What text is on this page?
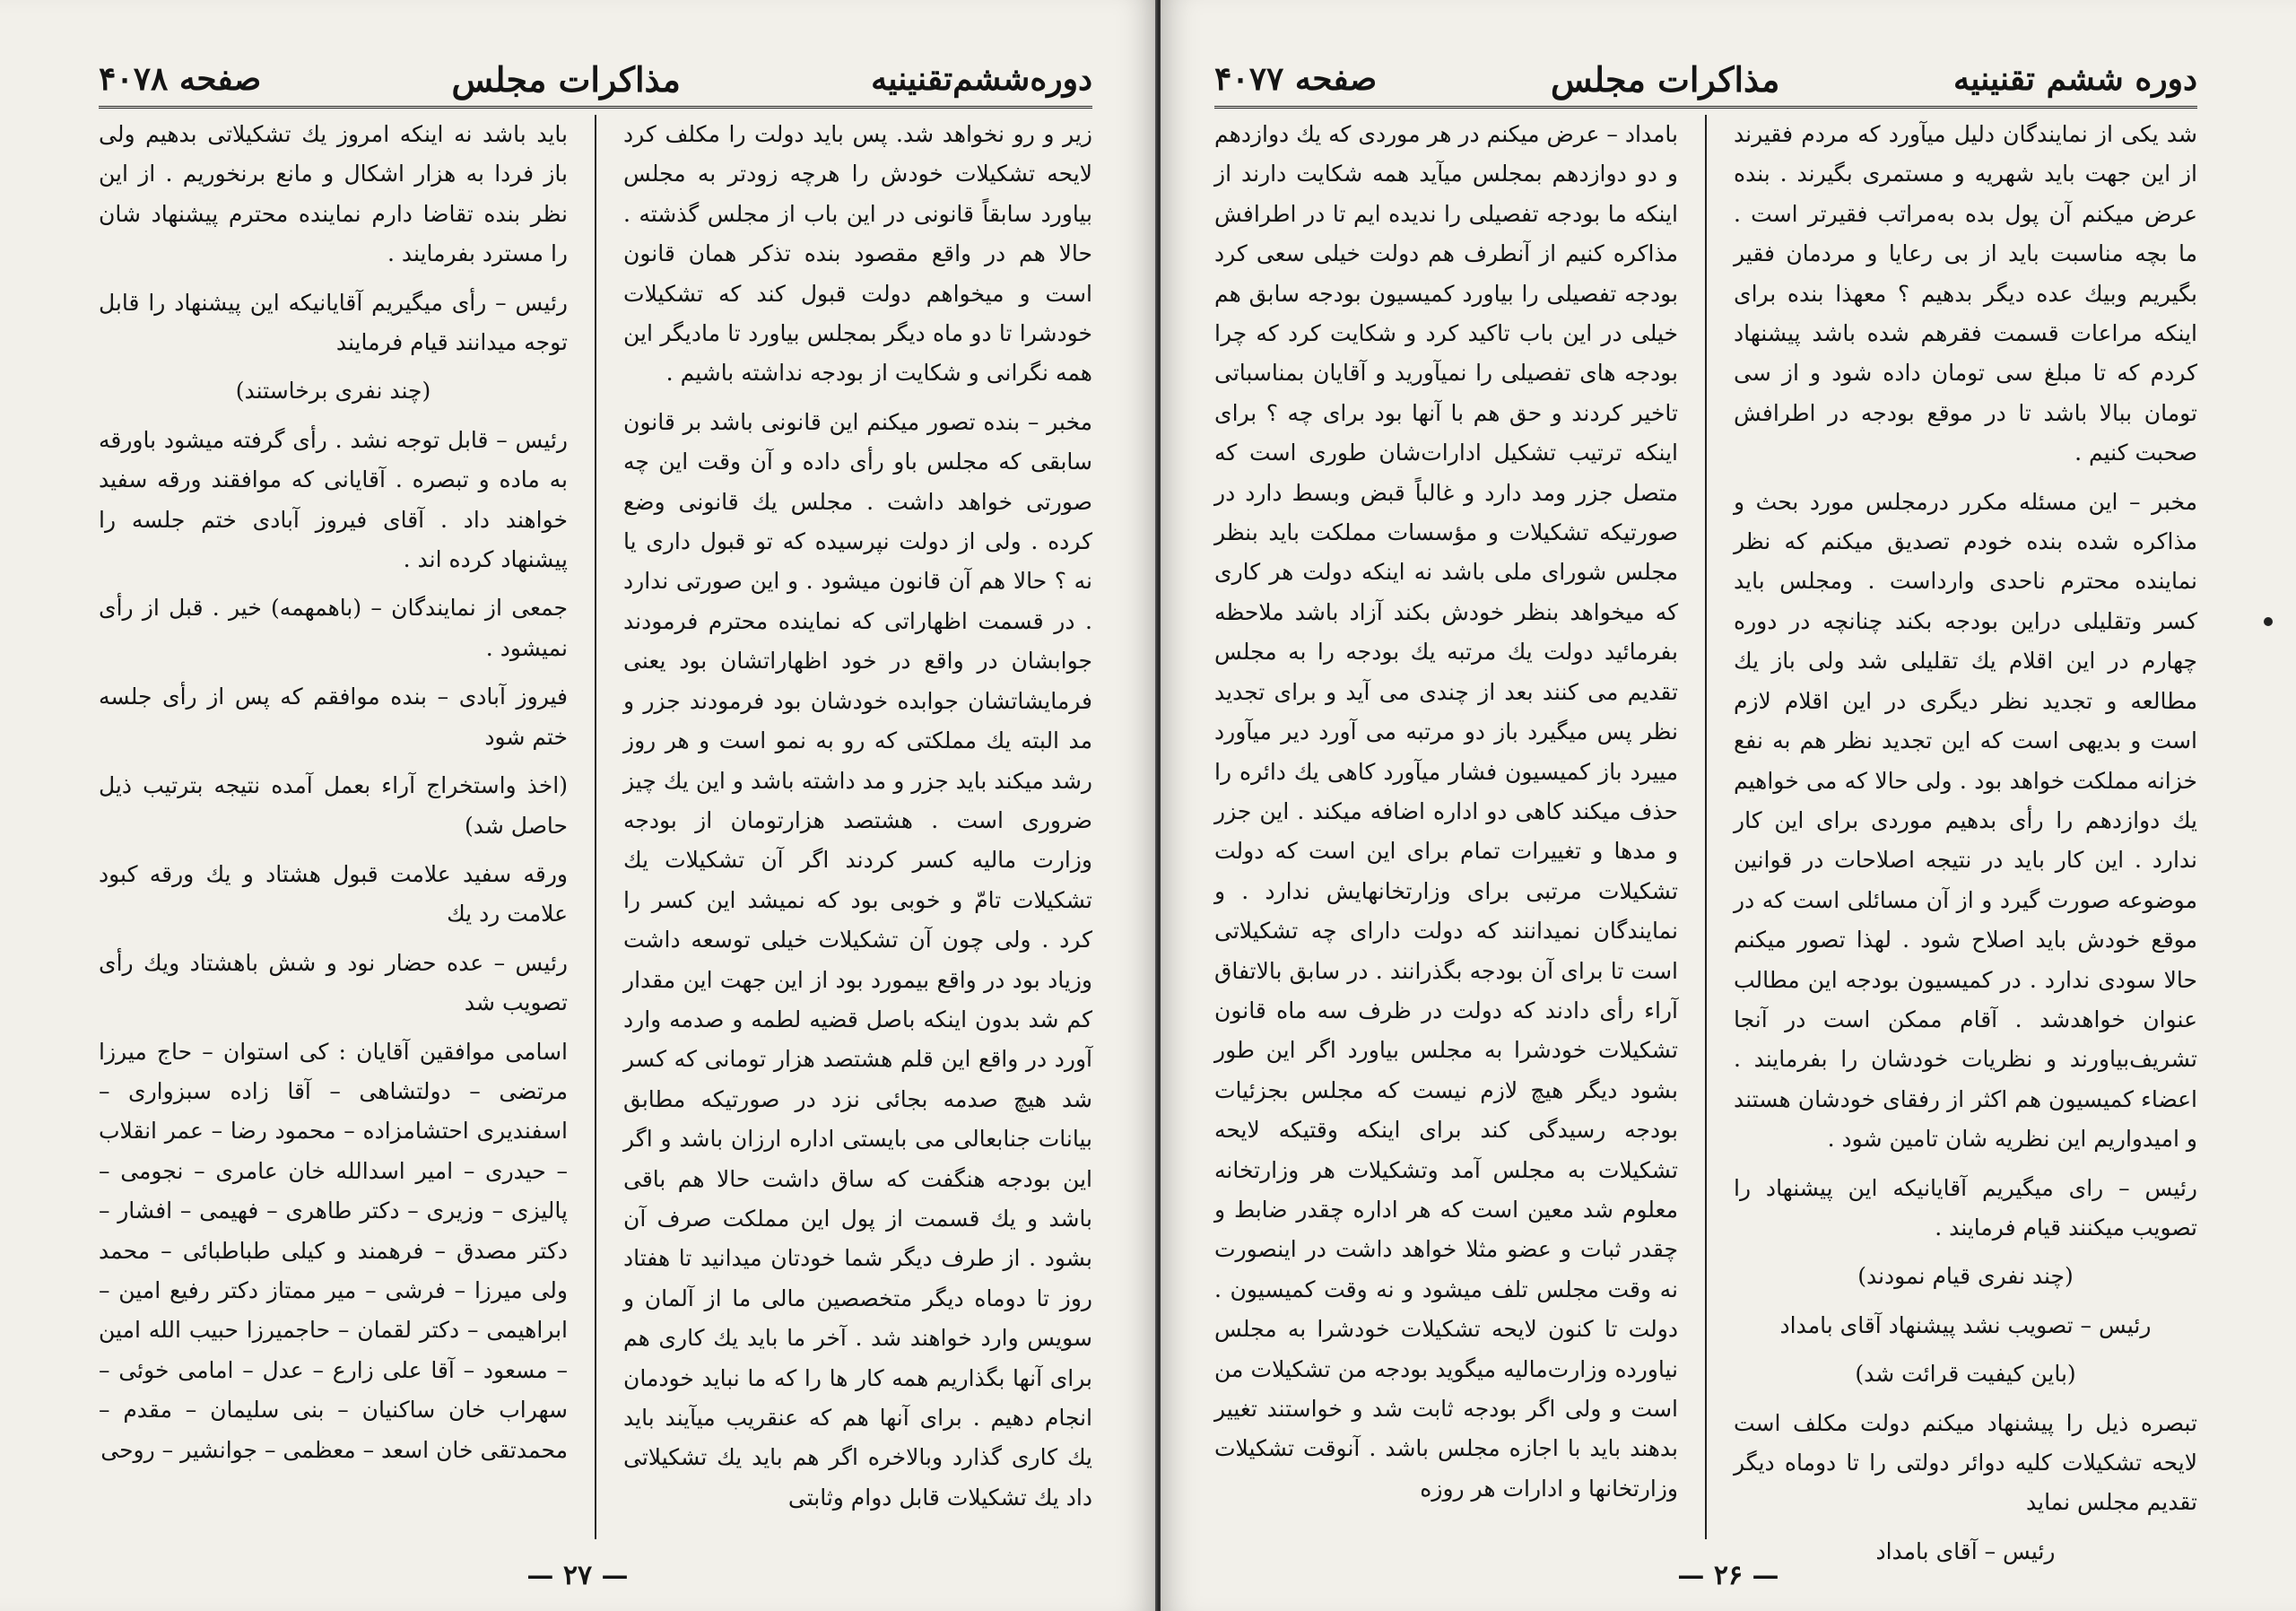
دوره‌ششم‌تقنینیه
مذاکرات مجلس
صفحه ۴۰۷۸

زیر و رو نخواهد شد. پس باید دولت را مکلف کرد لایحه تشکیلات خودش را هرچه زودتر به مجلس بیاورد سابقاً قانونی در این باب از مجلس گذشته . حالا هم در واقع مقصود بنده تذکر همان قانون است و میخواهم دولت قبول کند که تشکیلات خودشرا تا دو ماه دیگر بمجلس بیاورد تا مادیگر این همه نگرانی و شکایت از بودجه نداشته باشیم .

مخبر – بنده تصور میکنم این قانونی باشد بر قانون سابقی که مجلس باو رأی داده و آن وقت این چه صورتی خواهد داشت . مجلس یك قانونی وضع کرده . ولی از دولت نپرسیده که تو قبول داری یا نه ؟ حالا هم آن قانون میشود . و این صورتی ندارد . در قسمت اظهاراتی که نماینده محترم فرمودند جوابشان در واقع در خود اظهاراتشان بود یعنی فرمایشاتشان جوابده خودشان بود فرمودند جزر و مد البته یك مملکتی که رو به نمو است و هر روز رشد میکند باید جزر و مد داشته باشد و این یك چیز ضروری است . هشتصد هزارتومان از بودجه وزارت مالیه کسر کردند اگر آن تشکیلات یك تشکیلات تامّ و خوبی بود که نمیشد این کسر را کرد . ولی چون آن تشکیلات خیلی توسعه داشت وزیاد بود در واقع بیمورد بود از این جهت این مقدار کم شد بدون اینکه باصل قضیه لطمه و صدمه وارد آورد در واقع این قلم هشتصد هزار تومانی که کسر شد هیچ صدمه بجائی نزد در صورتیکه مطابق بیانات جنابعالی می بایستی اداره ارزان باشد و اگر این بودجه هنگفت که ساق داشت حالا هم باقی باشد و یك قسمت از پول این مملکت صرف آن بشود . از طرف دیگر شما خودتان میدانید تا هفتاد روز تا دوماه دیگر متخصصین مالی ما از آلمان و سویس وارد خواهند شد . آخر ما باید یك کاری هم برای آنها بگذاریم همه کار ها را که ما نباید خودمان انجام دهیم . برای آنها هم که عنقریب میآیند باید یك کاری گذارد وبالاخره اگر هم باید یك تشکیلاتی داد یك تشکیلات قابل دوام وثابتی

باید باشد نه اینکه امروز یك تشکیلاتی بدهیم ولی باز فردا به هزار اشکال و مانع برنخوریم . از این نظر بنده تقاضا دارم نماینده محترم پیشنهاد شان را مسترد بفرمایند .

رئیس – رأی میگیریم آقایانیکه این پیشنهاد را قابل توجه میدانند قیام فرمایند

(چند نفری برخاستند)

رئیس – قابل توجه نشد . رأی گرفته میشود باورقه به ماده و تبصره . آقایانی که موافقند ورقه سفید خواهند داد . آقای فیروز آبادی ختم جلسه را پیشنهاد کرده اند .

جمعی از نمایندگان – (باهمهمه) خیر . قبل از رأی نمیشود .

فیروز آبادی – بنده موافقم که پس از رأی جلسه ختم شود

(اخذ واستخراج آراء بعمل آمده نتیجه بترتیب ذیل حاصل شد)

ورقه سفید علامت قبول هشتاد و یك ورقه کبود علامت رد یك

رئیس – عده حضار نود و شش باهشتاد ویك رأی تصویب شد

اسامی موافقین آقایان : کی استوان – حاج میرزا مرتضی – دولتشاهی – آقا زاده سبزواری – اسفندیری احتشامزاده – محمود رضا – عمر انقلاب – حیدری – امیر اسدالله خان عامری – نجومی – پالیزی – وزیری – دکتر طاهری – فهیمی – افشار – دکتر مصدق – فرهمند و کیلی طباطبائی – محمد ولی میرزا – فرشی – میر ممتاز دکتر رفیع امین – ابراهیمی – دکتر لقمان – حاجمیرزا حبیب الله امین – مسعود – آقا علی زارع – عدل – امامی خوئی – سهراب خان ساکنیان – بنی سلیمان – مقدم – محمدتقی خان اسعد – معظمی – جوانشیر – روحی

— ۲۷ —
دوره ششم تقنینیه
مذاکرات مجلس
صفحه ۴۰۷۷

شد یکی از نمایندگان دلیل میآورد که مردم فقیرند از این جهت باید شهریه و مستمری بگیرند . بنده عرض میکنم آن پول بده به‌مراتب فقیرتر است . ما بچه مناسبت باید از بی رعایا و مردمان فقیر بگیریم وبیك عده دیگر بدهیم ؟ معهذا بنده برای اینکه مراعات قسمت فقرهم شده باشد پیشنهاد کردم که تا مبلغ سی تومان داده شود و از سی تومان ببالا باشد تا در موقع بودجه در اطرافش صحبت کنیم .

مخبر – این مسئله مکرر درمجلس مورد بحث و مذاکره شده بنده خودم تصدیق میکنم که نظر نماینده محترم ناحدی وارداست . ومجلس باید کسر وتقلیلی دراین بودجه بکند چنانچه در دوره چهارم در این اقلام یك تقلیلی شد ولی باز یك مطالعه و تجدید نظر دیگری در این اقلام لازم است و بدیهی است که این تجدید نظر هم به نفع خزانه مملکت خواهد بود . ولی حالا که می خواهیم یك دوازدهم را رأی بدهیم موردی برای این کار ندارد . این کار باید در نتیجه اصلاحات در قوانین موضوعه صورت گیرد و از آن مسائلی است که در موقع خودش باید اصلاح شود . لهذا تصور میکنم حالا سودی ندارد . در کمیسیون بودجه این مطالب عنوان خواهدشد . آقام ممکن است در آنجا تشریف‌بیاورند و نظریات خودشان را بفرمایند . اعضاء کمیسیون هم اکثر از رفقای خودشان هستند و امیدواریم این نظریه شان تامین شود .

رئیس – رای میگیریم آقایانیکه این پیشنهاد را تصویب میکنند قیام فرمایند .

(چند نفری قیام نمودند)

رئیس – تصویب نشد پیشنهاد آقای بامداد

(باین کیفیت قرائت شد)

تبصره ذیل را پیشنهاد میکنم دولت مکلف است لایحه تشکیلات کلیه دوائر دولتی را تا دوماه دیگر تقدیم مجلس نماید

رئیس – آقای بامداد

بامداد – عرض میکنم در هر موردی که یك دوازدهم و دو دوازدهم بمجلس میآید همه شکایت دارند از اینکه ما بودجه تفصیلی را ندیده ایم تا در اطرافش مذاکره کنیم از آنطرف هم دولت خیلی سعی کرد بودجه تفصیلی را بیاورد کمیسیون بودجه سابق هم خیلی در این باب تاکید کرد و شکایت کرد که چرا بودجه های تفصیلی را نمیآورید و آقایان بمناسباتی تاخیر کردند و حق هم با آنها بود برای چه ؟ برای اینکه ترتیب تشکیل ادارات‌شان طوری است که متصل جزر ومد دارد و غالباً قبض وبسط دارد در صورتیکه تشکیلات و مؤسسات مملکت باید بنظر مجلس شورای ملی باشد نه اینکه دولت هر کاری که میخواهد بنظر خودش بکند آزاد باشد ملاحظه بفرمائید دولت یك مرتبه یك بودجه را به مجلس تقدیم می کنند بعد از چندی می آید و برای تجدید نظر پس میگیرد باز دو مرتبه می آورد دیر میآورد مییرد باز کمیسیون فشار میآورد کاهی یك دائره را حذف میکند کاهی دو اداره اضافه میکند . این جزر و مدها و تغییرات تمام برای این است که دولت تشکیلات مرتبی برای وزارتخانهایش ندارد . و نمایندگان نمیدانند که دولت دارای چه تشکیلاتی است تا برای آن بودجه بگذرانند . در سابق بالاتفاق آراء رأی دادند که دولت در ظرف سه ماه قانون تشکیلات خودشرا به مجلس بیاورد اگر این طور بشود دیگر هیچ لازم نیست که مجلس بجزئیات بودجه رسیدگی کند برای اینکه وقتیکه لایحه تشکیلات به مجلس آمد وتشکیلات هر وزارتخانه معلوم شد معین است که هر اداره چقدر ضابط و چقدر ثبات و عضو مثلا خواهد داشت در اینصورت نه وقت مجلس تلف میشود و نه وقت کمیسیون . دولت تا کنون لایحه تشکیلات خودشرا به مجلس نیاورده وزارت‌مالیه میگوید بودجه من تشکیلات من است و ولی اگر بودجه ثابت شد و خواستند تغییر بدهند باید با اجازه مجلس باشد . آنوقت تشکیلات وزارتخانها و ادارات هر روزه

— ۲۶ —
